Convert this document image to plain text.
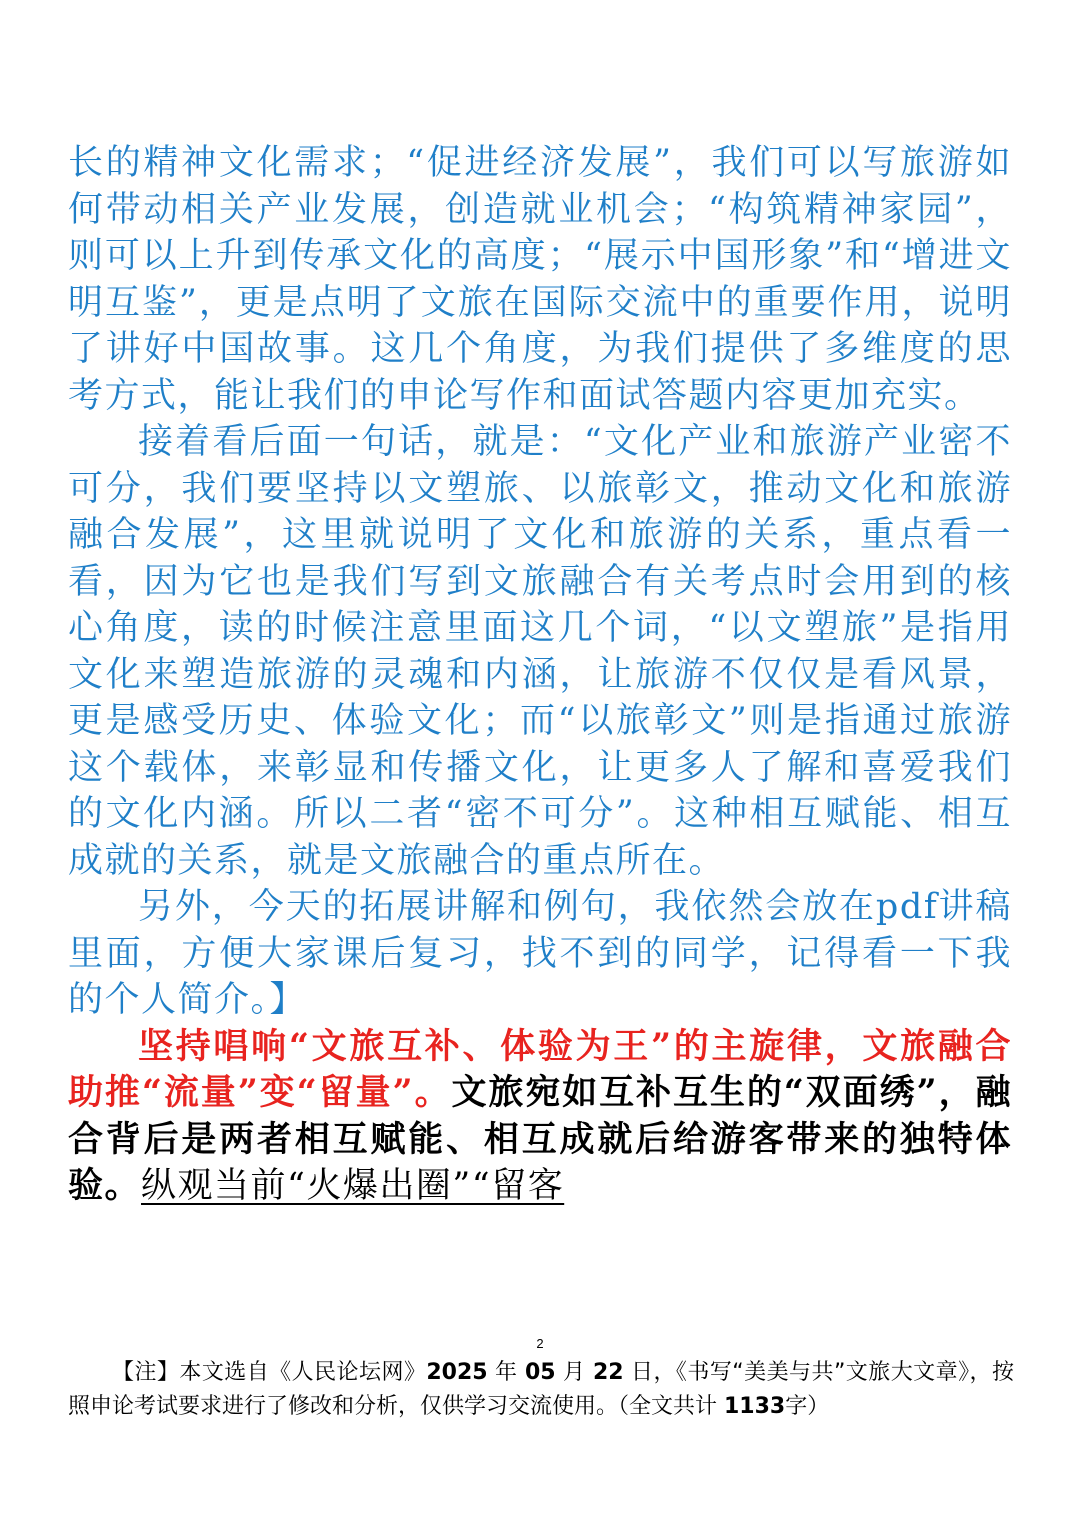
长的精神文化需求；“促进经济发展”，我们可以写旅游如何带动相关产业发展，创造就业机会；“构筑精神家园”，则可以上升到传承文化的高度；“展示中国形象”和“增进文明互鉴”，更是点明了文旅在国际交流中的重要作用，说明了讲好中国故事。这几个角度，为我们提供了多维度的思考方式，能让我们的申论写作和面试答题内容更加充实。

接着看后面一句话，就是：“文化产业和旅游产业密不可分，我们要坚持以文塑旅、以旅彰文，推动文化和旅游融合发展”，这里就说明了文化和旅游的关系，重点看一看，因为它也是我们写到文旅融合有关考点时会用到的核心角度，读的时候注意里面这几个词，“以文塑旅”是指用文化来塑造旅游的灵魂和内涵，让旅游不仅仅是看风景，更是感受历史、体验文化；而“以旅彰文”则是指通过旅游这个载体，来彰显和传播文化，让更多人了解和喜爱我们的文化内涵。所以二者“密不可分”。这种相互赋能、相互成就的关系，就是文旅融合的重点所在。

另外，今天的拓展讲解和例句，我依然会放在pdf讲稿里面，方便大家课后复习，找不到的同学，记得看一下我的个人简介。】

坚持唱响“文旅互补、体验为王”的主旋律，文旅融合助推“流量”变“留量”。文旅宛如互补互生的“双面绣”，融合背后是两者相互赋能、相互成就后给游客带来的独特体验。纵观当前“火爆出圈”“留客

2

【注】本文选自《人民论坛网》2025 年 05 月 22 日，《书写“美美与共”文旅大文章》，按照申论考试要求进行了修改和分析，仅供学习交流使用。（全文共计 1133字）
